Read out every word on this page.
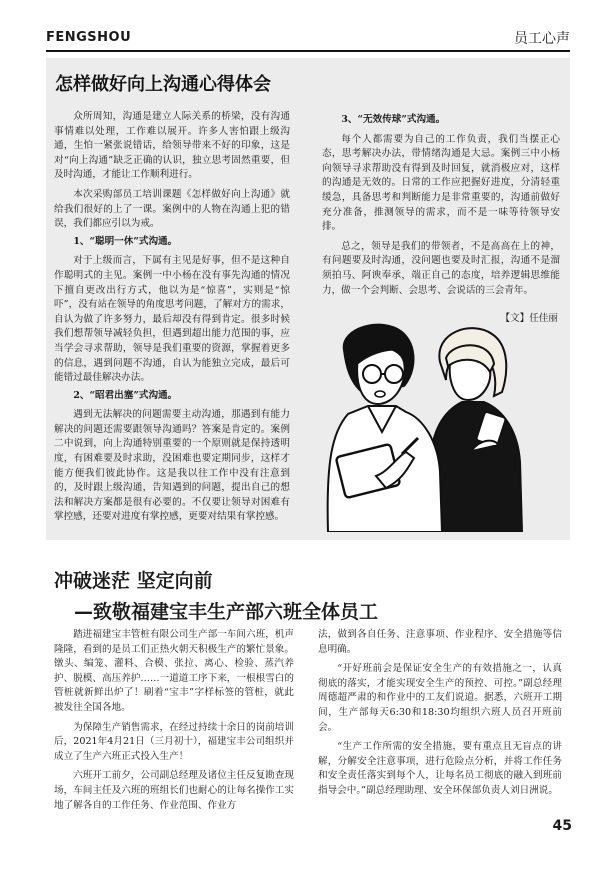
FENGSHOU	员工心声
怎样做好向上沟通心得体会

众所周知，沟通是建立人际关系的桥梁，没有沟通事情难以处理，工作难以展开。许多人害怕跟上级沟通，生怕一紧张说错话，给领导带来不好的印象，这是对“向上沟通”缺乏正确的认识，独立思考固然重要，但及时沟通，才能让工作顺利进行。

本次采购部员工培训课题《怎样做好向上沟通》就给我们很好的上了一课。案例中的人物在沟通上犯的错误，我们都应引以为戒。

1、“聪明一休”式沟通。

对于上级而言，下属有主见是好事，但不是这种自作聪明式的主见。案例一中小杨在没有事先沟通的情况下擅自更改出行方式，他以为是“惊喜”，实则是“惊吓”，没有站在领导的角度思考问题，了解对方的需求，自认为做了许多努力，最后却没有得到肯定。很多时候我们想帮领导减轻负担，但遇到超出能力范围的事，应当学会寻求帮助，领导是我们重要的资源，掌握着更多的信息，遇到问题不沟通，自认为能独立完成，最后可能错过最佳解决办法。

2、“昭君出塞”式沟通。

遇到无法解决的问题需要主动沟通，那遇到有能力解决的问题还需要跟领导沟通吗？答案是肯定的。案例二中说到，向上沟通特别重要的一个原则就是保持透明度，有困难要及时求助，没困难也要定期同步，这样才能方便我们彼此协作。这是我以往工作中没有注意到的，及时跟上级沟通，告知遇到的问题，提出自己的想法和解决方案都是很有必要的。不仅要让领导对困难有掌控感，还要对进度有掌控感，更要对结果有掌控感。

3、“无效传球”式沟通。

每个人都需要为自己的工作负责，我们当摆正心态，思考解决办法，带情绪沟通是大忌。案例三中小杨向领导寻求帮助没有得到及时回复，就消极应对，这样的沟通是无效的。日常的工作应把握好进度，分清轻重缓急，具备思考和判断能力是非常重要的，沟通前做好充分准备，推测领导的需求，而不是一味等待领导安排。

总之，领导是我们的带领者，不是高高在上的神，有问题要及时沟通，没问题也要及时汇报，沟通不是溜须拍马、阿谀奉承，端正自己的态度，培养逻辑思维能力，做一个会判断、会思考、会说话的三会青年。

【文】任佳丽
冲破迷茫 坚定向前
—致敬福建宝丰生产部六班全体员工

踏进福建宝丰管桩有限公司生产部一车间六班，机声隆隆，看到的是员工们正热火朝天积极生产的繁忙景象。镦头、编笼、灌料、合模、张拉、离心、检验、蒸汽养护、脱模、高压养护……一道道工序下来，一根根雪白的管桩就新鲜出炉了！刷着“宝丰”字样标签的管桩，就此被发往全国各地。

为保障生产销售需求，在经过持续十余日的岗前培训后，2021年4月21日（三月初十），福建宝丰公司组织并成立了生产六班正式投入生产！

六班开工前夕，公司副总经理及诸位主任反复勘查现场，车间主任及六班的班组长们也耐心的让每名操作工实地了解各自的工作任务、作业范围、作业方

法，做到各自任务、注意事项、作业程序、安全措施等信息明确。

“开好班前会是保证安全生产的有效措施之一，认真彻底的落实，才能实现安全生产的预控、可控。”副总经理周德超严肃的和作业中的工友们说道。据悉，六班开工期间，生产部每天6:30和18:30均组织六班人员召开班前会。

“生产工作所需的安全措施，要有重点且无盲点的讲解，分解安全注意事项，进行危险点分析，并将工作任务和安全责任落实到每个人，让每名员工彻底的融入到班前指导会中。”副总经理助理、安全环保部负责人刘日洲说。

45
